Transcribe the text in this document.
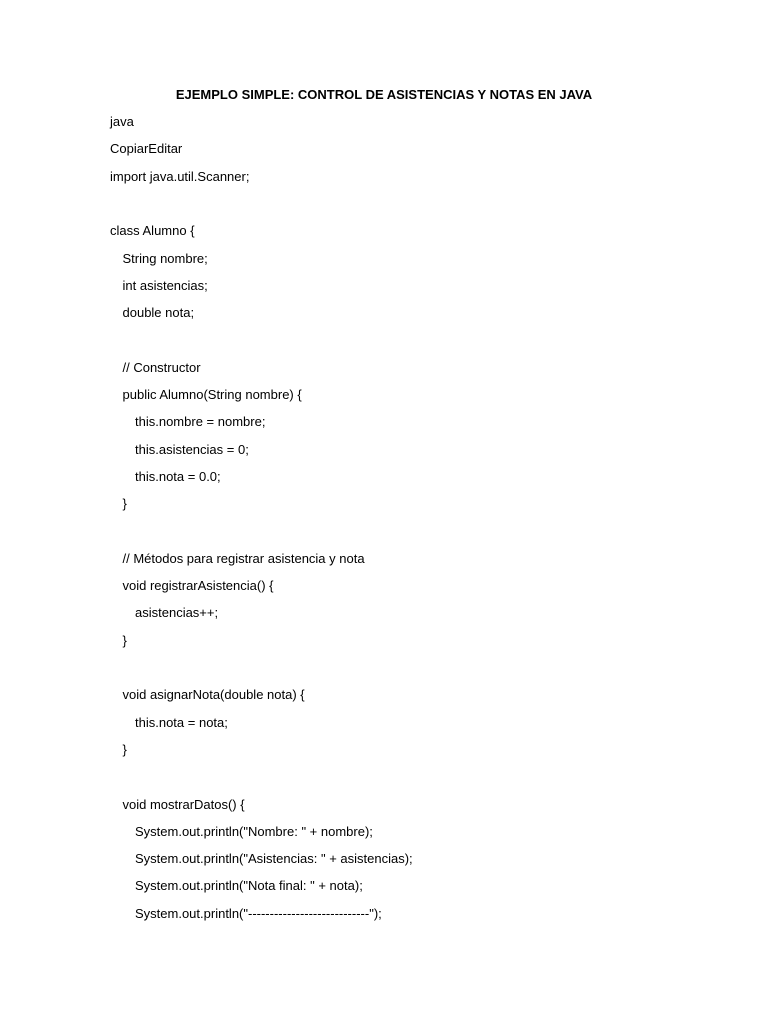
EJEMPLO SIMPLE: CONTROL DE ASISTENCIAS Y NOTAS EN JAVA
java
CopiarEditar
import java.util.Scanner;
class Alumno {
String nombre;
int asistencias;
double nota;
// Constructor
public Alumno(String nombre) {
this.nombre = nombre;
this.asistencias = 0;
this.nota = 0.0;
}
// Métodos para registrar asistencia y nota
void registrarAsistencia() {
asistencias++;
}
void asignarNota(double nota) {
this.nota = nota;
}
void mostrarDatos() {
System.out.println("Nombre: " + nombre);
System.out.println("Asistencias: " + asistencias);
System.out.println("Nota final: " + nota);
System.out.println("----------------------------");
